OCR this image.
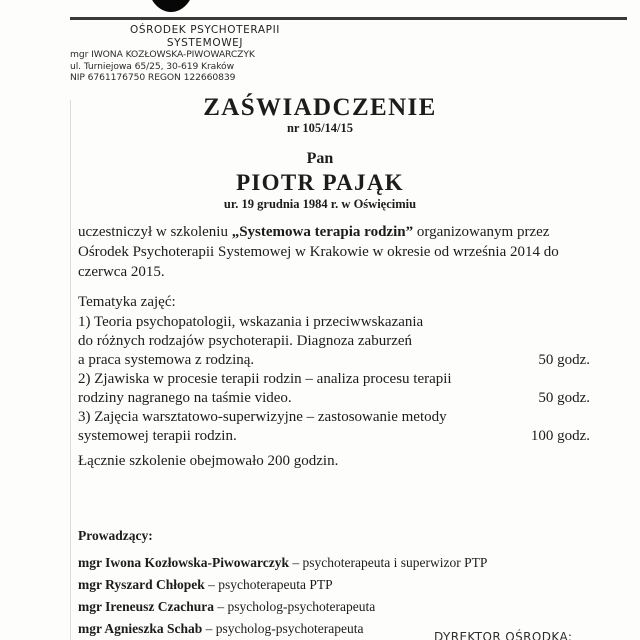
OŚRODEK PSYCHOTERAPII
SYSTEMOWEJ
mgr IWONA KOZŁOWSKA-PIWOWARCZYK
ul. Turniejowa 65/25, 30-619 Kraków
NIP 6761176750 REGON 122660839
ZAŚWIADCZENIE
nr 105/14/15
Pan
PIOTR PAJĄK
ur. 19 grudnia 1984 r. w Oświęcimiu
uczestniczył w szkoleniu „Systemowa terapia rodzin” organizowanym przez Ośrodek Psychoterapii Systemowej w Krakowie w okresie od września 2014 do czerwca 2015.
Tematyka zajęć:
1) Teoria psychopatologii, wskazania i przeciwwskazania
do różnych rodzajów psychoterapii. Diagnoza zaburzeń
a praca systemowa z rodziną.	50 godz.
2) Zjawiska w procesie terapii rodzin – analiza procesu terapii
rodziny nagranego na taśmie video.	50 godz.
3) Zajęcia warsztatowo-superwizyjne – zastosowanie metody
systemowej terapii rodzin.	100 godz.
Łącznie szkolenie obejmowało 200 godzin.
Prowadzący:
mgr Iwona Kozłowska-Piwowarczyk – psychoterapeuta i superwizor PTP
mgr Ryszard Chłopek – psychoterapeuta PTP
mgr Ireneusz Czachura – psycholog-psychoterapeuta
mgr Agnieszka Schab – psycholog-psychoterapeuta
DYREKTOR OŚRODKA:
